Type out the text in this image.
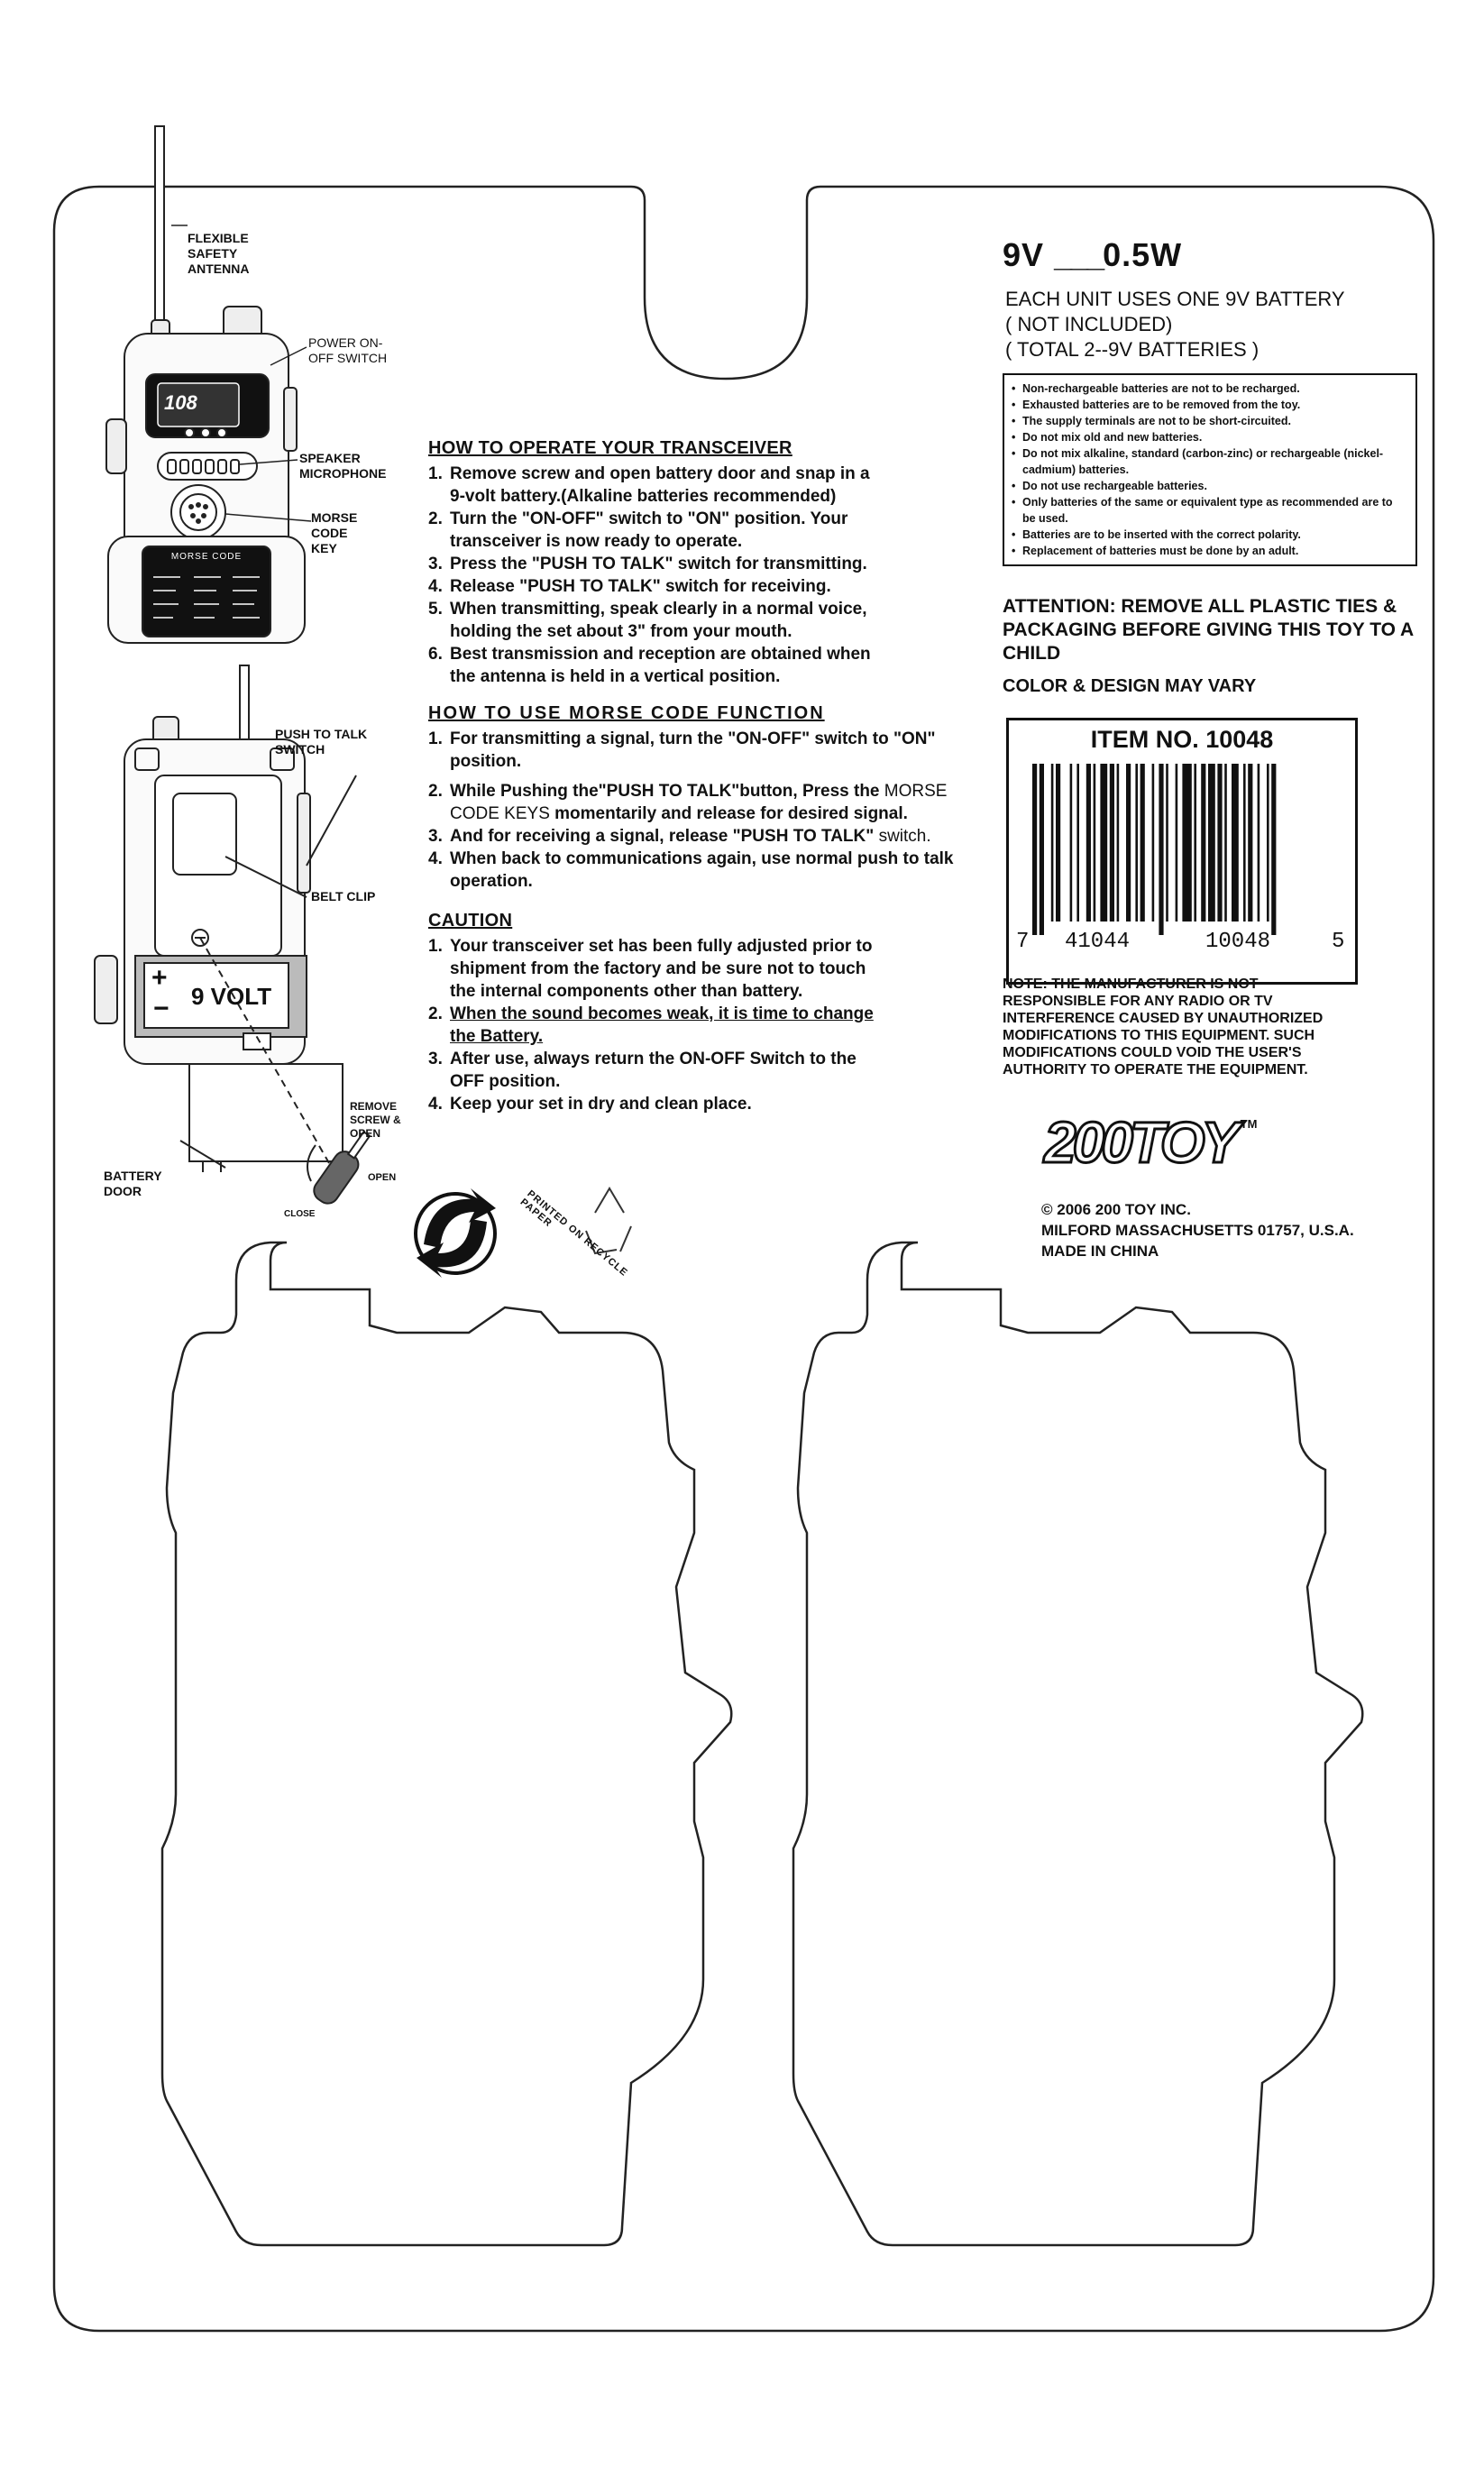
FLEXIBLE SAFETY ANTENNA
POWER ON-OFF SWITCH
SPEAKER MICROPHONE
MORSE CODE KEY
108
MORSE CODE
PUSH TO TALK SWITCH
BELT CLIP
+
− 9 VOLT
REMOVE SCREW & OPEN
OPEN
CLOSE
BATTERY DOOR	PRINTED ON RECYCLE PAPER
HOW TO OPERATE YOUR TRANSCEIVER
1. Remove screw and open battery door and snap in a 9-volt battery.(Alkaline batteries recommended)
2. Turn the "ON-OFF" switch to "ON" position. Your transceiver is now ready to operate.
3. Press the "PUSH TO TALK" switch for transmitting.
4. Release "PUSH TO TALK" switch for receiving.
5. When transmitting, speak clearly in a normal voice, holding the set about 3" from your mouth.
6. Best transmission and reception are obtained when the antenna is held in a vertical position.
HOW TO USE MORSE CODE FUNCTION
1. For transmitting a signal, turn the "ON-OFF" switch to "ON" position.
2. While Pushing the"PUSH TO TALK"button, Press the MORSE CODE KEYS momentarily and release for desired signal.
3. And for receiving a signal, release "PUSH TO TALK" switch.
4. When back to communications again, use normal push to talk operation.
CAUTION
1. Your transceiver set has been fully adjusted prior to shipment from the factory and be sure not to touch the internal components other than battery.
2. When the sound becomes weak, it is time to change the Battery.
3. After use, always return the ON-OFF Switch to the OFF position.
4. Keep your set in dry and clean place.
9V ___0.5W
EACH UNIT USES ONE 9V BATTERY
( NOT INCLUDED)
( TOTAL 2--9V BATTERIES )
• Non-rechargeable batteries are not to be recharged.
• Exhausted batteries are to be removed from the toy.
• The supply terminals are not to be short-circuited.
• Do not mix old and new batteries.
• Do not mix alkaline, standard (carbon-zinc) or rechargeable (nickel-cadmium) batteries.
• Do not use rechargeable batteries.
• Only batteries of the same or equivalent type as recommended are to be used.
• Batteries are to be inserted with the correct polarity.
• Replacement of batteries must be done by an adult.
ATTENTION: REMOVE ALL PLASTIC TIES & PACKAGING BEFORE GIVING THIS TOY TO A CHILD
COLOR & DESIGN MAY VARY
ITEM NO. 10048
7 41044	10048	5
NOTE: THE MANUFACTURER IS NOT RESPONSIBLE FOR ANY RADIO OR TV INTERFERENCE CAUSED BY UNAUTHORIZED MODIFICATIONS TO THIS EQUIPMENT. SUCH MODIFICATIONS COULD VOID THE USER'S AUTHORITY TO OPERATE THE EQUIPMENT.
200TOY ™
© 2006 200 TOY INC.
MILFORD MASSACHUSETTS 01757, U.S.A.
MADE IN CHINA
